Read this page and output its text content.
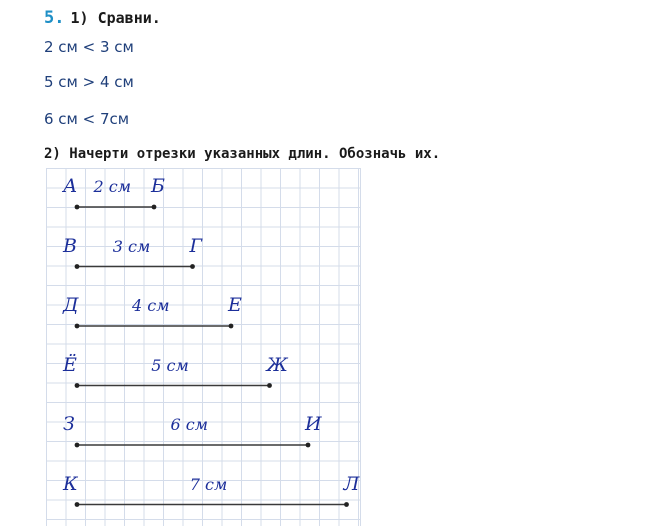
5. 1) Сравни.
2 см < 3 см
5 см > 4 см
6 см < 7см
2) Начерти отрезки указанных длин. Обозначь их.
А	Б
2 см
В	Г
3 см
Д	Е
4 см
Ё	Ж
5 см
З	И
6 см
К	Л
7 см
